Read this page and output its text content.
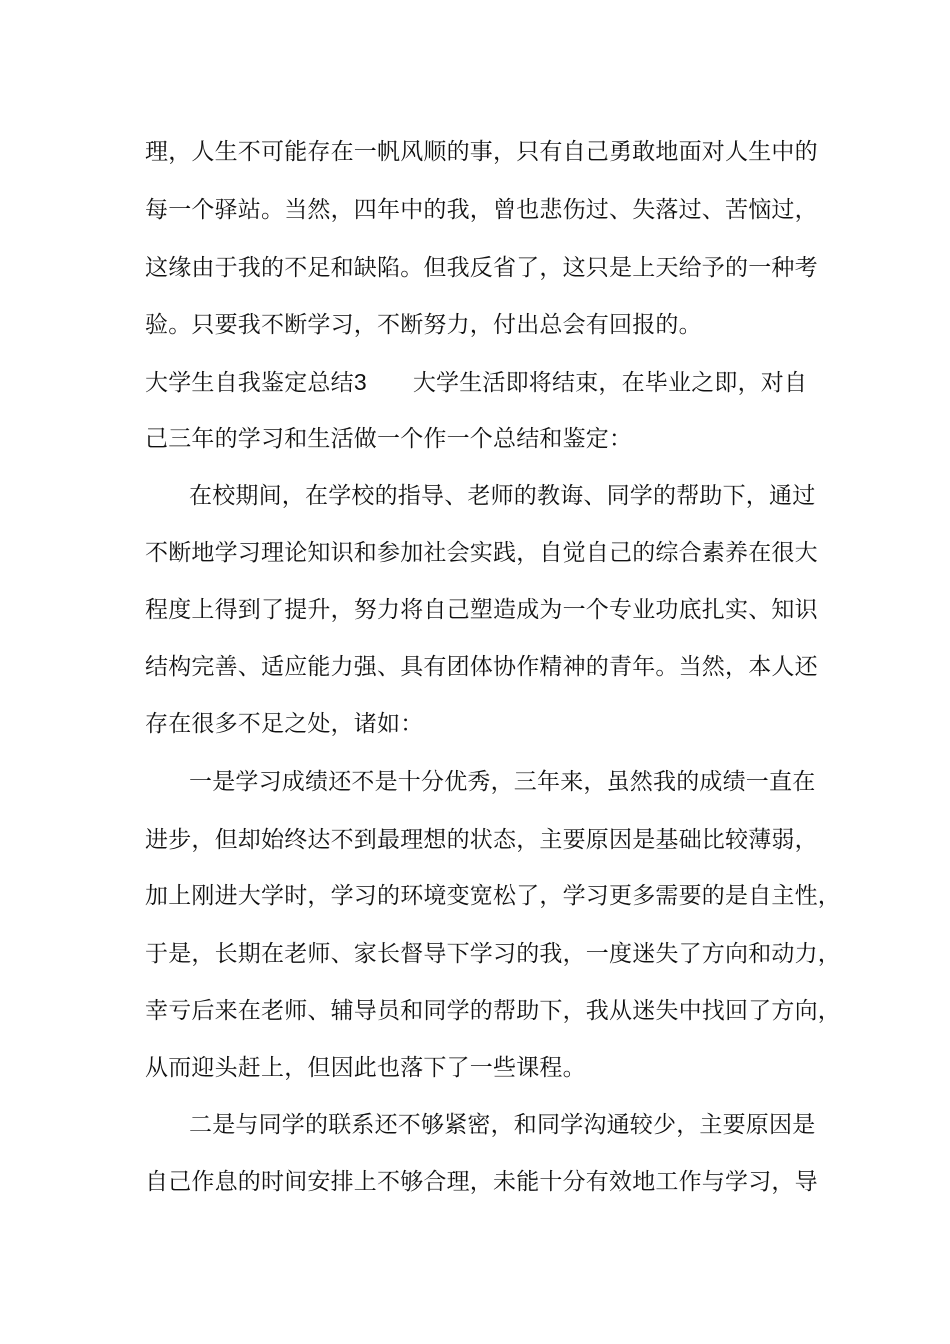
理，人生不可能存在一帆风顺的事，只有自己勇敢地面对人生中的
每一个驿站。当然，四年中的我，曾也悲伤过、失落过、苦恼过，
这缘由于我的不足和缺陷。但我反省了，这只是上天给予的一种考
验。只要我不断学习，不断努力，付出总会有回报的。
大学生自我鉴定总结3 大学生活即将结束，在毕业之即，对自
己三年的学习和生活做一个作一个总结和鉴定：
在校期间，在学校的指导、老师的教诲、同学的帮助下，通过
不断地学习理论知识和参加社会实践，自觉自己的综合素养在很大
程度上得到了提升，努力将自己塑造成为一个专业功底扎实、知识
结构完善、适应能力强、具有团体协作精神的青年。当然，本人还
存在很多不足之处，诸如：
一是学习成绩还不是十分优秀，三年来，虽然我的成绩一直在
进步，但却始终达不到最理想的状态，主要原因是基础比较薄弱，
加上刚进大学时，学习的环境变宽松了，学习更多需要的是自主性，
于是，长期在老师、家长督导下学习的我，一度迷失了方向和动力，
幸亏后来在老师、辅导员和同学的帮助下，我从迷失中找回了方向，
从而迎头赶上，但因此也落下了一些课程。
二是与同学的联系还不够紧密，和同学沟通较少，主要原因是
自己作息的时间安排上不够合理，未能十分有效地工作与学习，导
